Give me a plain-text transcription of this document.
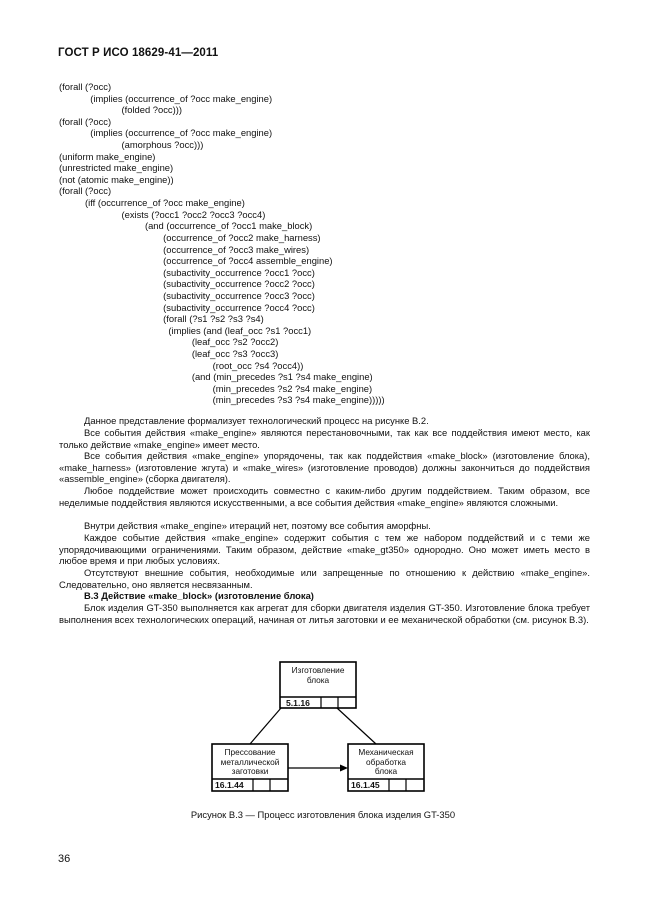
ГОСТ Р ИСО 18629-41—2011
(forall (?occ)
(implies (occurrence_of ?occ make_engine)
(folded ?occ)))
(forall (?occ)
(implies (occurrence_of ?occ make_engine)
(amorphous ?occ)))
(uniform make_engine)
(unrestricted make_engine)
(not (atomic make_engine))
(forall (?occ)
(iff (occurrence_of ?occ make_engine)
(exists (?occ1 ?occ2 ?occ3 ?occ4)
(and (occurrence_of ?occ1 make_block)
(occurrence_of ?occ2 make_harness)
(occurrence_of ?occ3 make_wires)
(occurrence_of ?occ4 assemble_engine)
(subactivity_occurrence ?occ1 ?occ)
(subactivity_occurrence ?occ2 ?occ)
(subactivity_occurrence ?occ3 ?occ)
(subactivity_occurrence ?occ4 ?occ)
(forall (?s1 ?s2 ?s3 ?s4)
(implies (and (leaf_occ ?s1 ?occ1)
(leaf_occ ?s2 ?occ2)
(leaf_occ ?s3 ?occ3)
(root_occ ?s4 ?occ4))
(and (min_precedes ?s1 ?s4 make_engine)
(min_precedes ?s2 ?s4 make_engine)
(min_precedes ?s3 ?s4 make_engine)))))
Данное представление формализует технологический процесс на рисунке В.2.
Все события действия «make_engine» являются перестановочными, так как все поддействия имеют место, как только действие «make_engine» имеет место.
Все события действия «make_engine» упорядочены, так как поддействия «make_block» (изготовление блока), «make_harness» (изготовление жгута) и «make_wires» (изготовление проводов) должны закончиться до поддействия «assemble_engine» (сборка двигателя).
Любое поддействие может происходить совместно с каким-либо другим поддействием. Таким образом, все неделимые поддействия являются искусственными, а все события действия «make_engine» являются сложными.
Внутри действия «make_engine» итераций нет, поэтому все события аморфны.
Каждое событие действия «make_engine» содержит события с тем же набором поддействий и с теми же упорядочивающими ограничениями. Таким образом, действие «make_gt350» однородно. Оно может иметь место в любое время и при любых условиях.
Отсутствуют внешние события, необходимые или запрещенные по отношению к действию «make_engine». Следовательно, оно является несвязанным.
В.3 Действие «make_block» (изготовление блока)
Блок изделия GT-350 выполняется как агрегат для сборки двигателя изделия GT-350. Изготовление блока требует выполнения всех технологических операций, начиная от литья заготовки и ее механической обработки (см. рисунок В.3).
Изготовление
блока
5.1.16
Прессование
металлической
заготовки
16.1.44
Механическая
обработка
блока
16.1.45
Рисунок В.3 — Процесс изготовления блока изделия GT-350
36
